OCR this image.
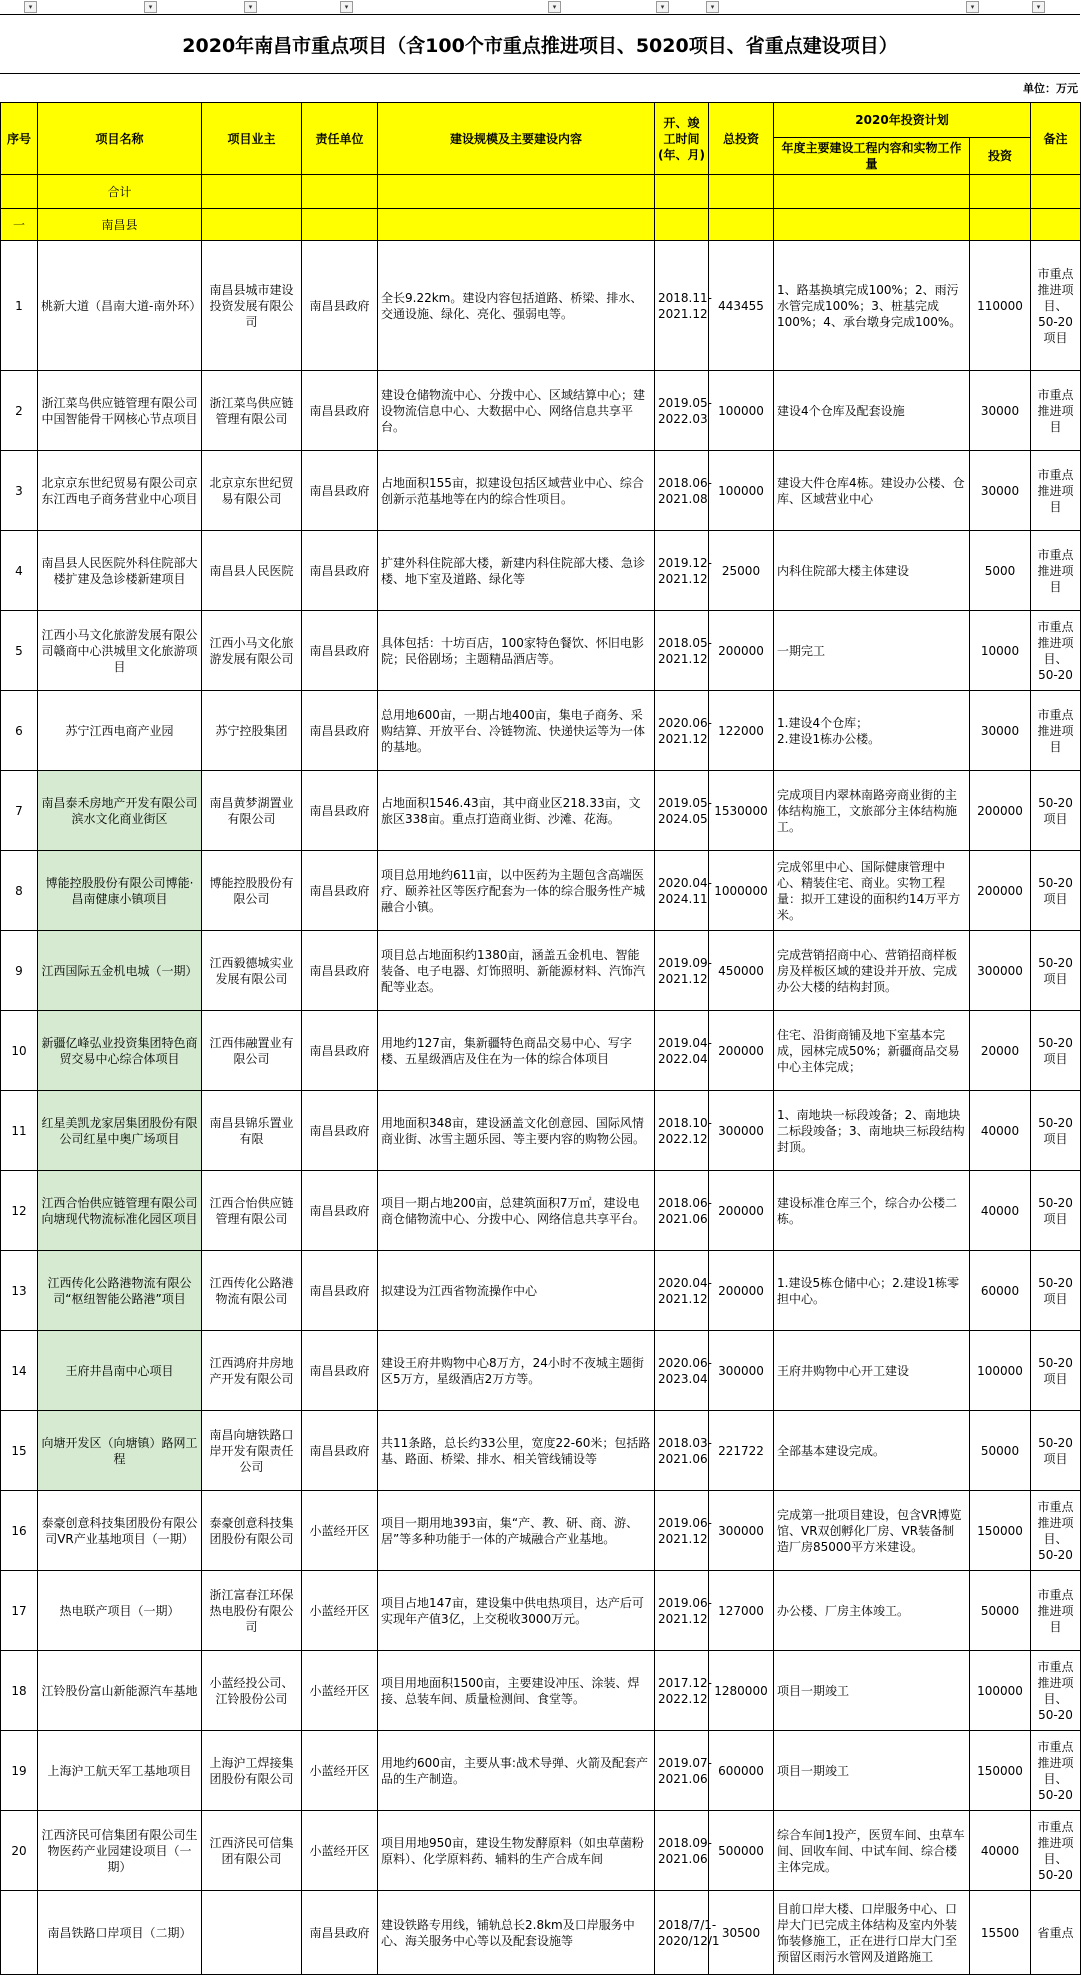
▾	▾	▾	▾	▾	▾	▾	▾	▾
2020年南昌市重点项目（含100个市重点推进项目、5020项目、省重点建设项目）
单位：万元
序号	项目名称	项目业主	责任单位	建设规模及主要建设内容	开、竣工时间(年、月)	总投资	2020年投资计划		备注
							年度主要建设工程内容和实物工作量	投资	
	合计								
一	南昌县								

1	桃新大道（昌南大道-南外环）	南昌县城市建设投资发展有限公司	南昌县政府	全长9.22km。建设内容包括道路、桥梁、排水、交通设施、绿化、亮化、强弱电等。	2018.11-2021.12	443455	1、路基换填完成100%；2、雨污水管完成100%；3、桩基完成100%；4、承台墩身完成100%。	110000	市重点推进项目、50-20项目

2	浙江菜鸟供应链管理有限公司中国智能骨干网核心节点项目	浙江菜鸟供应链管理有限公司	南昌县政府	建设仓储物流中心、分拨中心、区域结算中心；建设物流信息中心、大数据中心、网络信息共享平台。	2019.05-2022.03	100000	建设4个仓库及配套设施	30000	市重点推进项目

3	北京京东世纪贸易有限公司京东江西电子商务营业中心项目	北京京东世纪贸易有限公司	南昌县政府	占地面积155亩，拟建设包括区域营业中心、综合创新示范基地等在内的综合性项目。	2018.06-2021.08	100000	建设大件仓库4栋。建设办公楼、仓库、区域营业中心	30000	市重点推进项目

4	南昌县人民医院外科住院部大楼扩建及急诊楼新建项目	南昌县人民医院	南昌县政府	扩建外科住院部大楼，新建内科住院部大楼、急诊楼、地下室及道路、绿化等	2019.12-2021.12	25000	内科住院部大楼主体建设	5000	市重点推进项目

5	江西小马文化旅游发展有限公司赣商中心洪城里文化旅游项目	江西小马文化旅游发展有限公司	南昌县政府	具体包括：十坊百店，100家特色餐饮、怀旧电影院；民俗剧场；主题精品酒店等。	2018.05-2021.12	200000	一期完工	10000	市重点推进项目、50-20

6	苏宁江西电商产业园	苏宁控股集团	南昌县政府	总用地600亩，一期占地400亩，集电子商务、采购结算、开放平台、冷链物流、快递快运等为一体的基地。	2020.06-2021.12	122000	1.建设4个仓库；
2.建设1栋办公楼。	30000	市重点推进项目

7	南昌泰禾房地产开发有限公司滨水文化商业街区	南昌黄梦湖置业有限公司	南昌县政府	占地面积1546.43亩，其中商业区218.33亩，文旅区338亩。重点打造商业街、沙滩、花海。	2019.05-2024.05	1530000	完成项目内翠林南路旁商业街的主体结构施工，文旅部分主体结构施工。	200000	50-20项目

8	博能控股股份有限公司博能·昌南健康小镇项目	博能控股股份有限公司	南昌县政府	项目总用地约611亩，以中医药为主题包含高端医疗、颐养社区等医疗配套为一体的综合服务性产城融合小镇。	2020.04-2024.11	1000000	完成邻里中心、国际健康管理中心、精装住宅、商业。实物工程量：拟开工建设的面积约14万平方米。	200000	50-20项目

9	江西国际五金机电城（一期）	江西毅德城实业发展有限公司	南昌县政府	项目总占地面积约1380亩，涵盖五金机电、智能装备、电子电器、灯饰照明、新能源材料、汽饰汽配等业态。	2019.09-2021.12	450000	完成营销招商中心、营销招商样板房及样板区域的建设并开放、完成办公大楼的结构封顶。	300000	50-20项目

10	新疆亿峰弘业投资集团特色商贸交易中心综合体项目	江西伟融置业有限公司	南昌县政府	用地约127亩，集新疆特色商品交易中心、写字楼、五星级酒店及住在为一体的综合体项目	2019.04-2022.04	200000	住宅、沿街商铺及地下室基本完成，园林完成50%；新疆商品交易中心主体完成；	20000	50-20项目

11	红星美凯龙家居集团股份有限公司红星中奥广场项目	南昌县锦乐置业有限	南昌县政府	用地面积348亩，建设涵盖文化创意园、国际风情商业街、冰雪主题乐园、等主要内容的购物公园。	2018.10-2022.12	300000	1、南地块一标段竣备；2、南地块二标段竣备；3、南地块三标段结构封顶。	40000	50-20项目

12	江西合怡供应链管理有限公司向塘现代物流标准化园区项目	江西合怡供应链管理有限公司	南昌县政府	项目一期占地200亩，总建筑面积7万㎡，建设电商仓储物流中心、分拨中心、网络信息共享平台。	2018.06-2021.06	200000	建设标准仓库三个，综合办公楼二栋。	40000	50-20项目

13	江西传化公路港物流有限公司“枢纽智能公路港”项目	江西传化公路港物流有限公司	南昌县政府	拟建设为江西省物流操作中心	2020.04-2021.12	200000	1.建设5栋仓储中心；2.建设1栋零担中心。	60000	50-20项目

14	王府井昌南中心项目	江西鸿府井房地产开发有限公司	南昌县政府	建设王府井购物中心8万方，24小时不夜城主题街区5万方，星级酒店2万方等。	2020.06-2023.04	300000	王府井购物中心开工建设	100000	50-20项目

15	向塘开发区（向塘镇）路网工程	南昌向塘铁路口岸开发有限责任公司	南昌县政府	共11条路，总长约33公里，宽度22-60米；包括路基、路面、桥梁、排水、相关管线铺设等	2018.03-2021.06	221722	全部基本建设完成。	50000	50-20项目

16	泰豪创意科技集团股份有限公司VR产业基地项目（一期）	泰豪创意科技集团股份有限公司	小蓝经开区	项目一期用地393亩，集“产、教、研、商、游、居”等多种功能于一体的产城融合产业基地。	2019.06-2021.12	300000	完成第一批项目建设，包含VR博览馆、VR双创孵化厂房、VR装备制造厂房85000平方米建设。	150000	市重点推进项目、50-20

17	热电联产项目（一期）	浙江富春江环保热电股份有限公司	小蓝经开区	项目占地147亩，建设集中供电热项目，达产后可实现年产值3亿，上交税收3000万元。	2019.06-2021.12	127000	办公楼、厂房主体竣工。	50000	市重点推进项目

18	江铃股份富山新能源汽车基地	小蓝经投公司、江铃股份公司	小蓝经开区	项目用地面积1500亩，主要建设冲压、涂装、焊接、总装车间、质量检测间、食堂等。	2017.12-2022.12	1280000	项目一期竣工	100000	市重点推进项目、50-20

19	上海沪工航天军工基地项目	上海沪工焊接集团股份有限公司	小蓝经开区	用地约600亩，主要从事:战术导弹、火箭及配套产品的生产制造。	2019.07-2021.06	600000	项目一期竣工	150000	市重点推进项目、50-20

20	江西济民可信集团有限公司生物医药产业园建设项目（一期）	江西济民可信集团有限公司	小蓝经开区	项目用地950亩，建设生物发酵原料（如虫草菌粉原料）、化学原料药、辅料的生产合成车间	2018.09-2021.06	500000	综合车间1投产，医贸车间、虫草车间、回收车间、中试车间、综合楼主体完成。	40000	市重点推进项目、50-20

	南昌铁路口岸项目（二期）		南昌县政府	建设铁路专用线，铺轨总长2.8km及口岸服务中心、海关服务中心等以及配套设施等	2018/7/1-2020/12/1	30500	目前口岸大楼、口岸服务中心、口岸大门已完成主体结构及室内外装饰装修施工，正在进行口岸大门至预留区雨污水管网及道路施工	15500	省重点
